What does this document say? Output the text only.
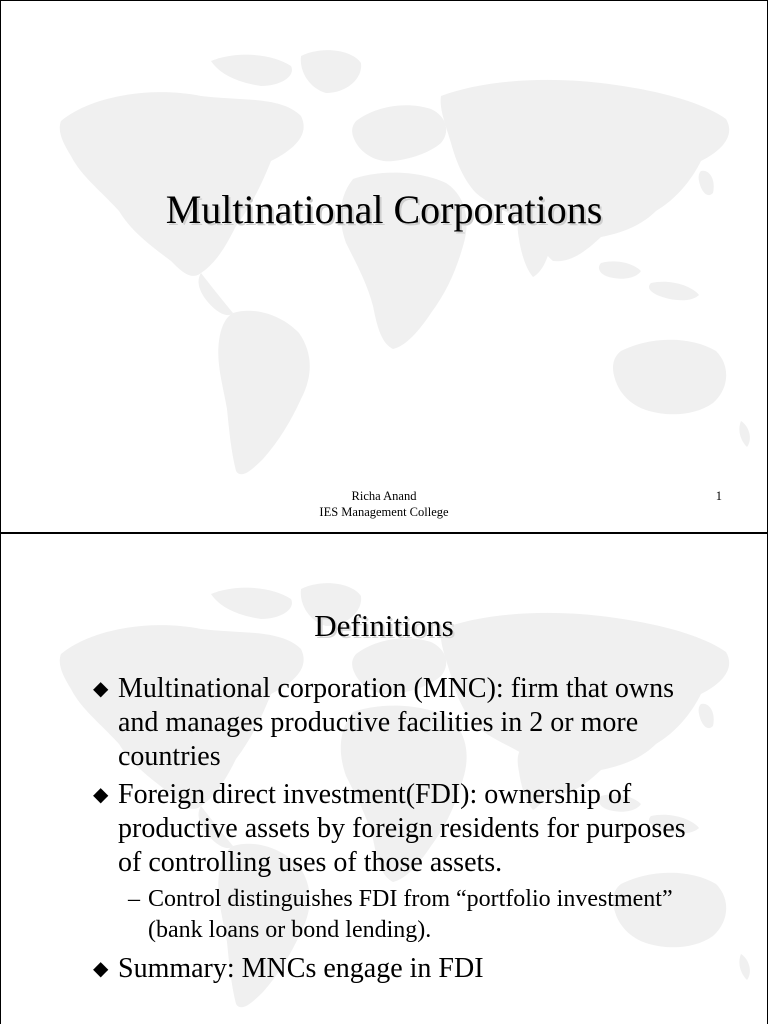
Multinational Corporations
Richa Anand
IES Management College
1
Definitions
◆ Multinational corporation (MNC): firm that owns and manages productive facilities in 2 or more countries
◆ Foreign direct investment(FDI): ownership of productive assets by foreign residents for purposes of controlling uses of those assets.
– Control distinguishes FDI from “portfolio investment” (bank loans or bond lending).
◆ Summary: MNCs engage in FDI
